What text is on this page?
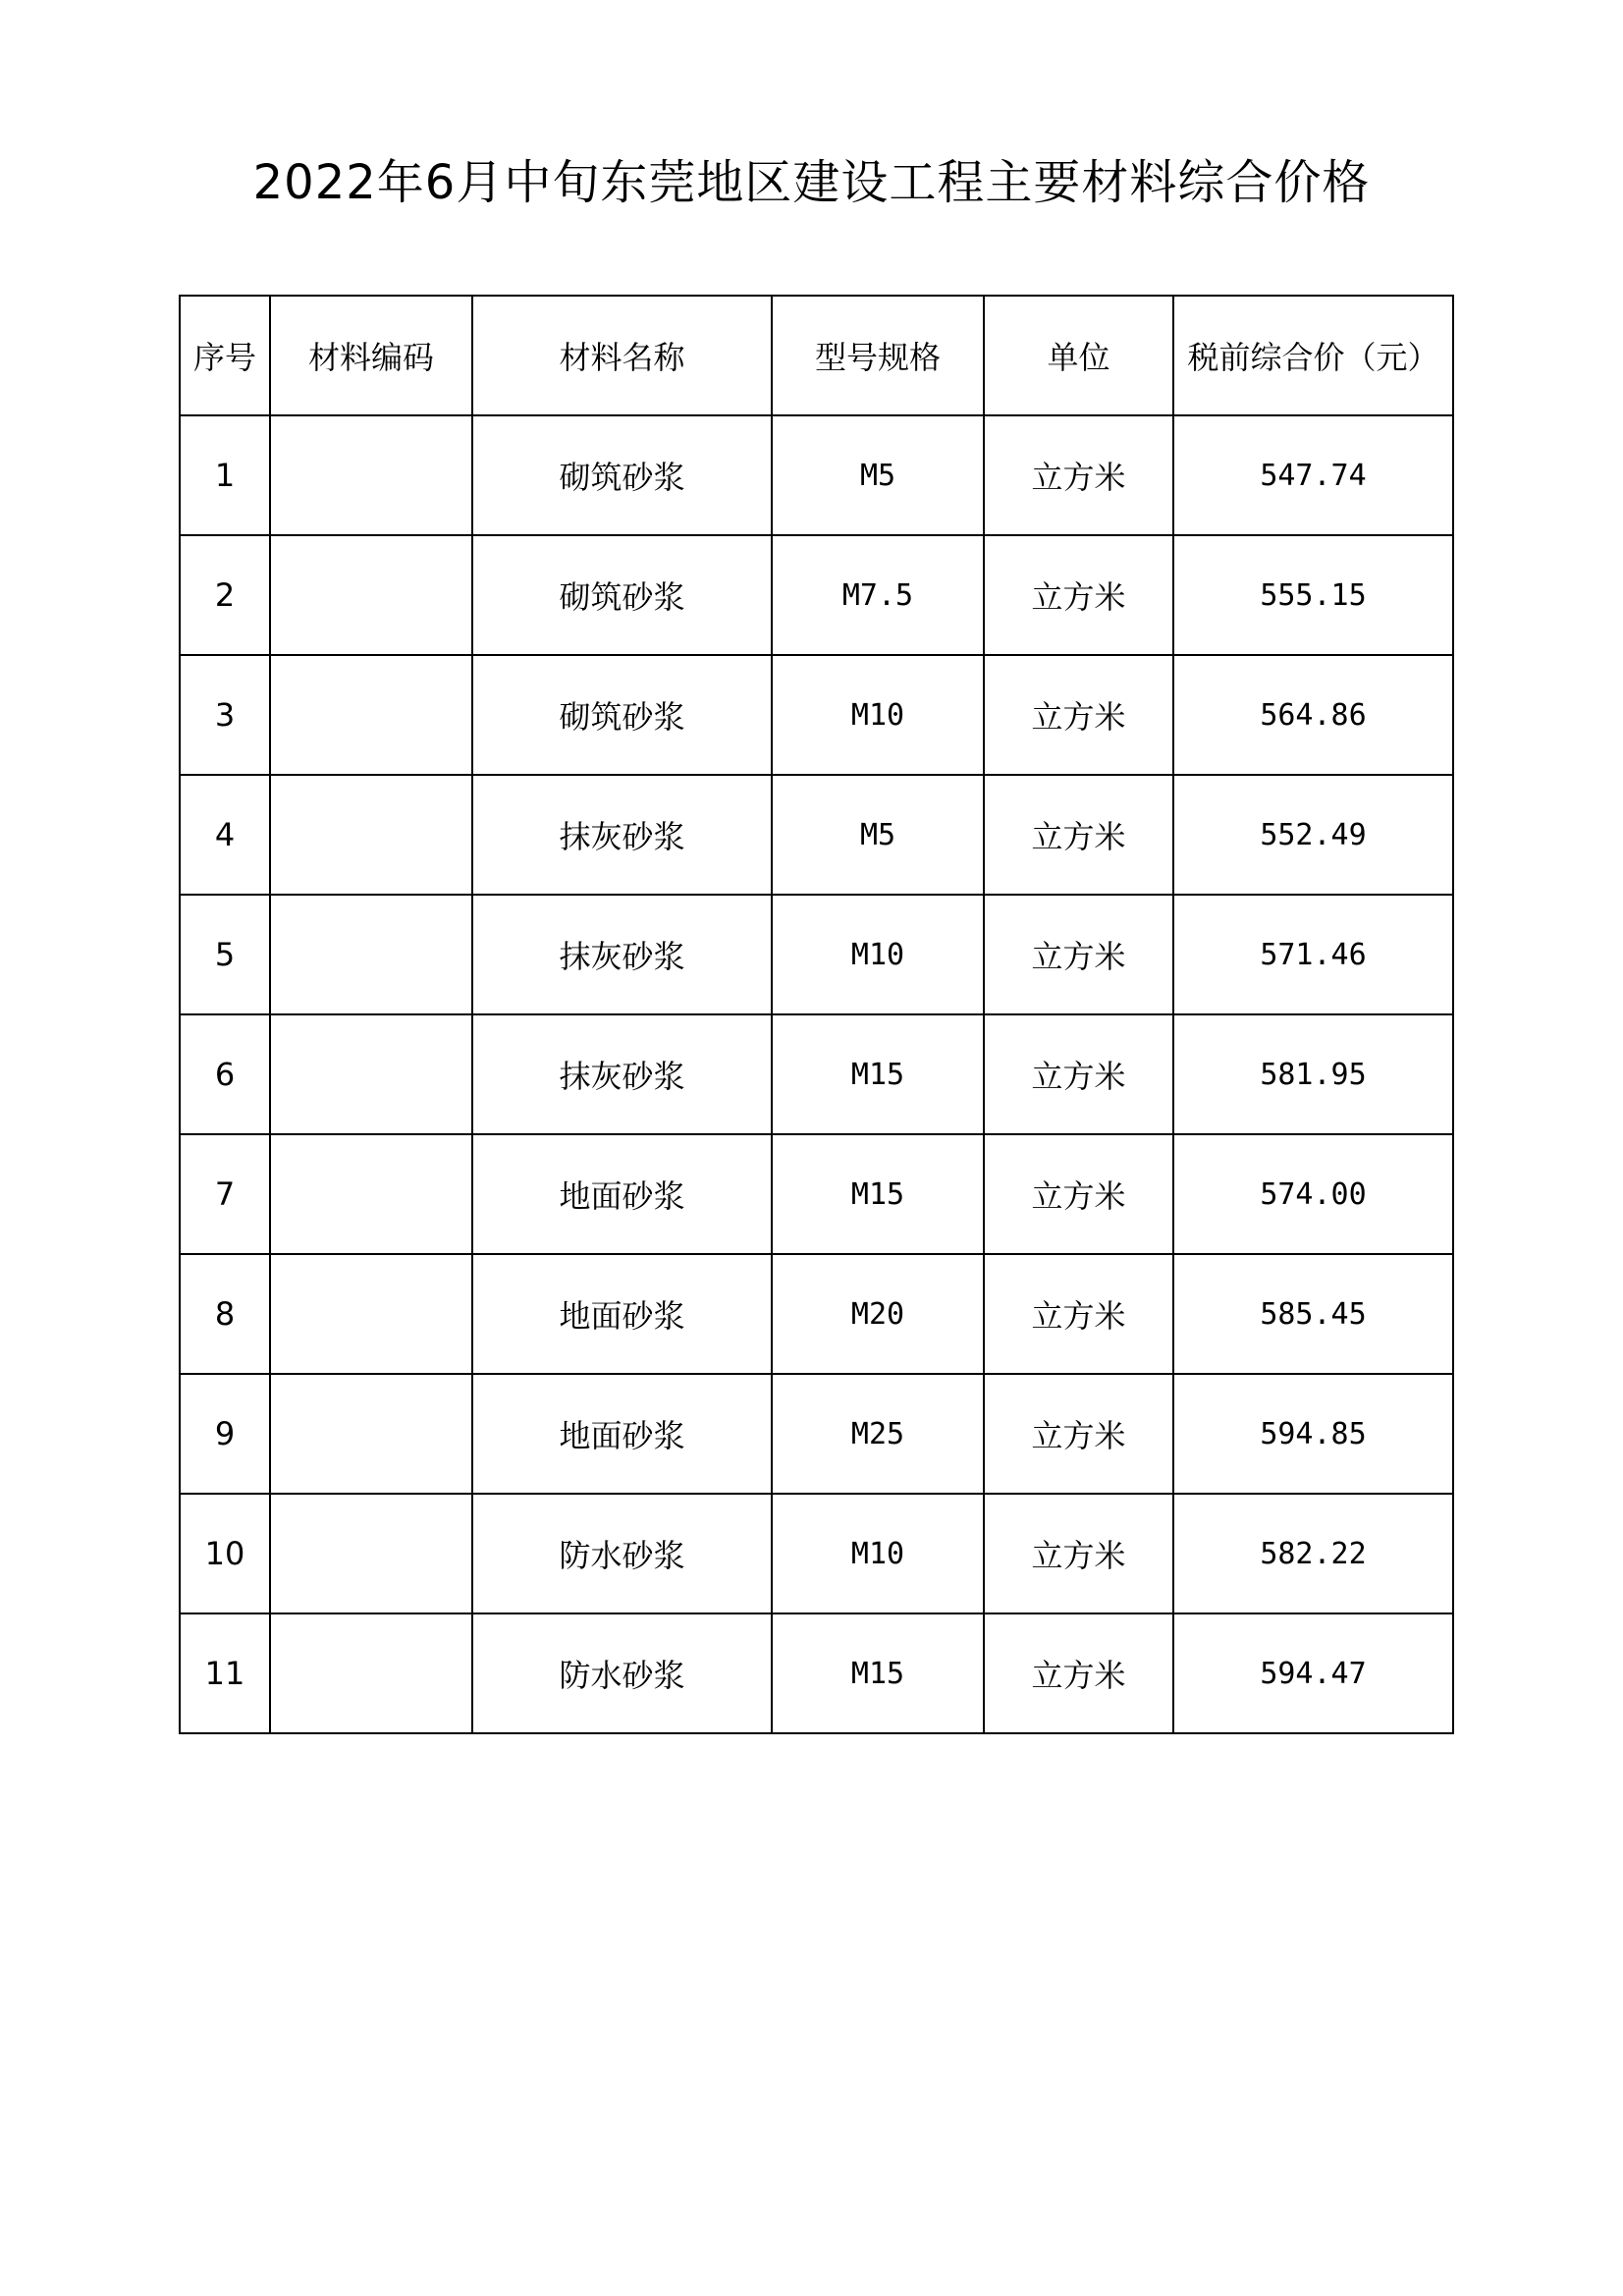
2022年6月中旬东莞地区建设工程主要材料综合价格
序号	材料编码	材料名称	型号规格	单位	税前综合价（元）
1		砌筑砂浆	M5	立方米	547.74
2		砌筑砂浆	M7.5	立方米	555.15
3		砌筑砂浆	M10	立方米	564.86
4		抹灰砂浆	M5	立方米	552.49
5		抹灰砂浆	M10	立方米	571.46
6		抹灰砂浆	M15	立方米	581.95
7		地面砂浆	M15	立方米	574.00
8		地面砂浆	M20	立方米	585.45
9		地面砂浆	M25	立方米	594.85
10		防水砂浆	M10	立方米	582.22
11		防水砂浆	M15	立方米	594.47
